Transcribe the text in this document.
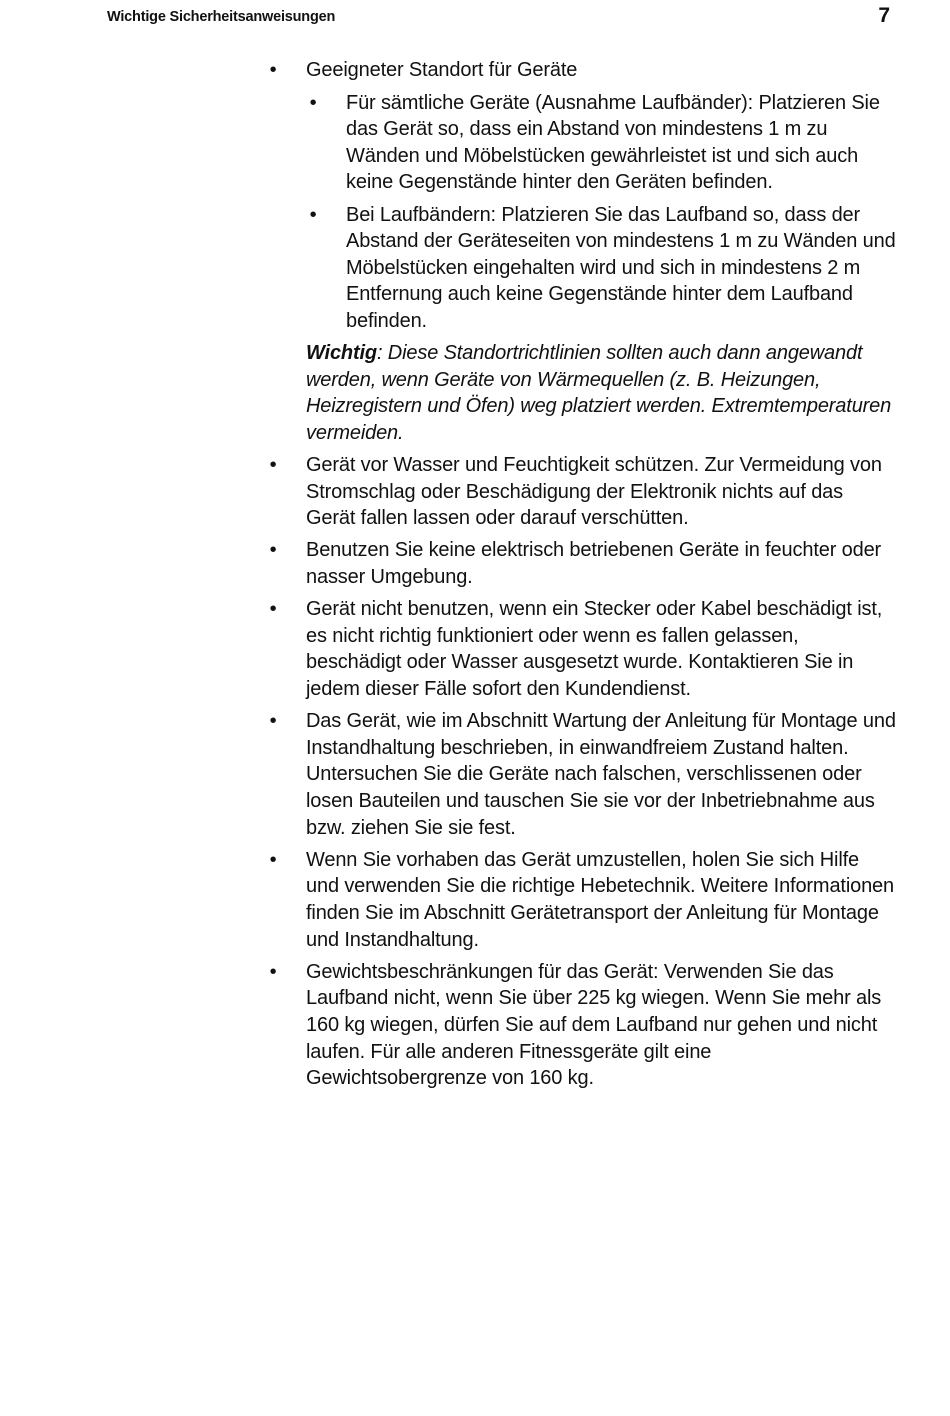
Wichtige Sicherheitsanweisungen	7
• Geeigneter Standort für Geräte
• Für sämtliche Geräte (Ausnahme Laufbänder): Platzieren Sie das Gerät so, dass ein Abstand von mindestens 1 m zu Wänden und Möbelstücken gewährleistet ist und sich auch keine Gegenstände hinter den Geräten befinden.
• Bei Laufbändern: Platzieren Sie das Laufband so, dass der Abstand der Geräteseiten von mindestens 1 m zu Wänden und Möbelstücken eingehalten wird und sich in mindestens 2 m Entfernung auch keine Gegenstände hinter dem Laufband befinden.
Wichtig: Diese Standortrichtlinien sollten auch dann angewandt werden, wenn Geräte von Wärmequellen (z. B. Heizungen, Heizregistern und Öfen) weg platziert werden. Extremtemperaturen vermeiden.
• Gerät vor Wasser und Feuchtigkeit schützen. Zur Vermeidung von Stromschlag oder Beschädigung der Elektronik nichts auf das Gerät fallen lassen oder darauf verschütten.
• Benutzen Sie keine elektrisch betriebenen Geräte in feuchter oder nasser Umgebung.
• Gerät nicht benutzen, wenn ein Stecker oder Kabel beschädigt ist, es nicht richtig funktioniert oder wenn es fallen gelassen, beschädigt oder Wasser ausgesetzt wurde. Kontaktieren Sie in jedem dieser Fälle sofort den Kundendienst.
• Das Gerät, wie im Abschnitt Wartung der Anleitung für Montage und Instandhaltung beschrieben, in einwandfreiem Zustand halten. Untersuchen Sie die Geräte nach falschen, verschlissenen oder losen Bauteilen und tauschen Sie sie vor der Inbetriebnahme aus bzw. ziehen Sie sie fest.
• Wenn Sie vorhaben das Gerät umzustellen, holen Sie sich Hilfe und verwenden Sie die richtige Hebetechnik. Weitere Informationen finden Sie im Abschnitt Gerätetransport der Anleitung für Montage und Instandhaltung.
• Gewichtsbeschränkungen für das Gerät: Verwenden Sie das Laufband nicht, wenn Sie über 225 kg wiegen. Wenn Sie mehr als 160 kg wiegen, dürfen Sie auf dem Laufband nur gehen und nicht laufen. Für alle anderen Fitnessgeräte gilt eine Gewichtsobergrenze von 160 kg.
